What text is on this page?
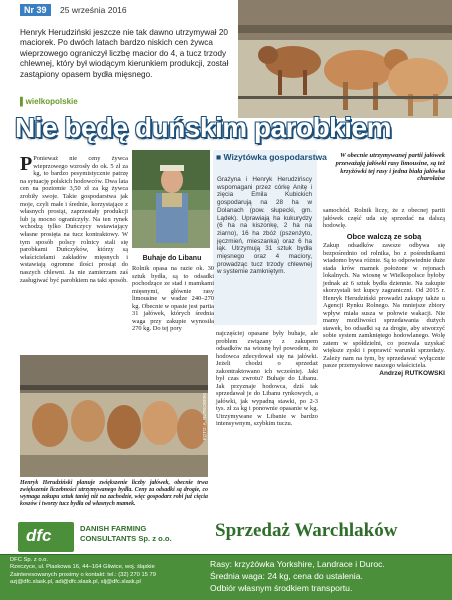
Nr 39	25 września 2016
Henryk Herudziński jeszcze nie tak dawno utrzymywał 20 maciorek. Po dwóch latach bardzo niskich cen żywca wieprzowego ograniczył liczbę macior do 4, a tucz trzody chlewnej, który był wiodącym kierunkiem produkcji, został zastąpiony opasem bydła mięsnego.
▌wielkopolskie
Nie będę duńskim parobkiem
P Ponieważ nie ceny żywca wieprzowego wzrosły do ok. 5 zł za kg, to bardzo pesymistycznie patrzę na sytuację polskich hodowców. Dwa lata cen na poziomie 3,50 zł za kg żywca zrobiły swoje. Takie gospodarstwa jak moje, czyli małe i średnie, korzystające z własnych prosiąt, zaprzestały produkcji lub ją mocno ograniczyły. Na ten rynek wchodzą tylko Duńczycy wstawiający własne prosięta na tucz kontraktowy. W tym sposób polscy rolnicy stali się parobkami Duńczyków, którzy są właścicielami zakładów mięsnych i wstawiają ogromne ilości prosiąt do naszych chlewni. Ja nie zamierzam zaś zasługiwać być parobkiem na taki sposób.
■ Wizytówka gospodarstwa
Grażyna i Henryk Herudzińscy wspomagani przez córkę Anitę i zięcia Emila Kubickich gospodarują na 28 ha w Dolanach (pow. słupecki, gm. Lądek). Uprawiają ha kukurydzy (6 ha na kiszonkę, 2 ha na ziarno), 16 ha zbóż (pszenżyto, jęczmień, mieszanka) oraz 6 ha łąk. Utrzymują 31 sztuk bydła mięsnego oraz 4 maciory, prowadząc tucz trzody chlewnej w systemie zamkniętym.
W obecnie utrzymywanej partii jałówek przeważają jałówki rasy limousine, są też krzyżówki tej rasy i jedna biała jałówka charolaise
samochód. Rolnik liczy, że z obecnej partii jałówek część uda się sprzedać na dalszą hodowlę.
Obce walczą ze sobą
Zakup odsadków zawsze odbywa się bezpośrednio od rolnika, bo z pośrednikami wiadomo bywa różnie. Są to odpowiednie duże stada krów mamek położone w rejonach lokalnych. Na wiosnę w Wielkopolsce byłoby jednak aż 6 sztuk bydła dziennie. Na zakupie skorzystali też kupcy zagraniczni. Od 2015 r. Henryk Herudziński prowadzi zakupy także u Agencji Rynku Rolnego. Na mniejsze zbiory wpływ miała susza w połowie wakacji. Nie mamy możliwości sprzedawania dużych stawek, bo odsadki są za drogie, aby stworzyć sobie system zamkniętego hodowlanego. Wolę zatem w spółdzielni, co pozwala uzyskać większe zyski i poprawić warunki sprzedaży. Zależy nam na tym, by sprzedawać wyłącznie pasze przemysłowe naszego właściciela.
Andrzej RUTKOWSKI
Buhaje do Libanu
Rolnik opasa na razie ok. 30 sztuk bydła, są to odsadki pochodzące ze stad i mamkami mięsnymi, głównie rasy limousine w wadze 240–270 kg. Obecnie w opasie jest partia 31 jałówek, których średnia waga przy zakupie wynosiła 270 kg. Do tej pory
najczęściej opasane były buhaje, ale problem związany z zakupem odsadków na wiosnę był powodem, że hodowca zdecydował się na jałówki. Jeżeli chodzi o sprzedaż zakontraktowano ich wcześniej. Jaki był czas zwrotu? Buhaje do Libanu. Jak przyznaje hodowca, dziś tak sprzedawał je do Libanu rynkowych, a jałówki, jak wypadną stawki, po 2-3 tys. zł za kg i ponownie opasanie w kg. Utrzymywane w Libanie w bardzo intensywnym, szybkim tuczu.
Henryk Herudziński planuje zwiększenie liczby jałówek, obecnie trwa zwiększenie liczebności utrzymywanego bydła. Ceny za odsadki są drogie, co wymaga zakupu sztuk taniej niż na zachodzie, więc gospodarz robi już cięcia koszów i tworzy tucz bydła od własnych mamek.
FOTO: A. RUTKOWSKI
dfc	DANISH FARMING
CONSULTANTS Sp. z o.o.	Sprzedaż Warchlaków
DFC Sp. z o.o.
Rzeczyce, ul. Piaskowa 16, 44–164 Gliwice, woj. śląskie
Zainteresowanych prosimy o kontakt: tel.: (32) 270 15 79
azj@dfc.slask.pl, adi@dfc.slask.pl, slj@dfc.slask.pl
Rasy: krzyżówka Yorkshire, Landrace i Duroc.
Średnia waga: 24 kg, cena do ustalenia.
Odbiór własnym środkiem transportu.
